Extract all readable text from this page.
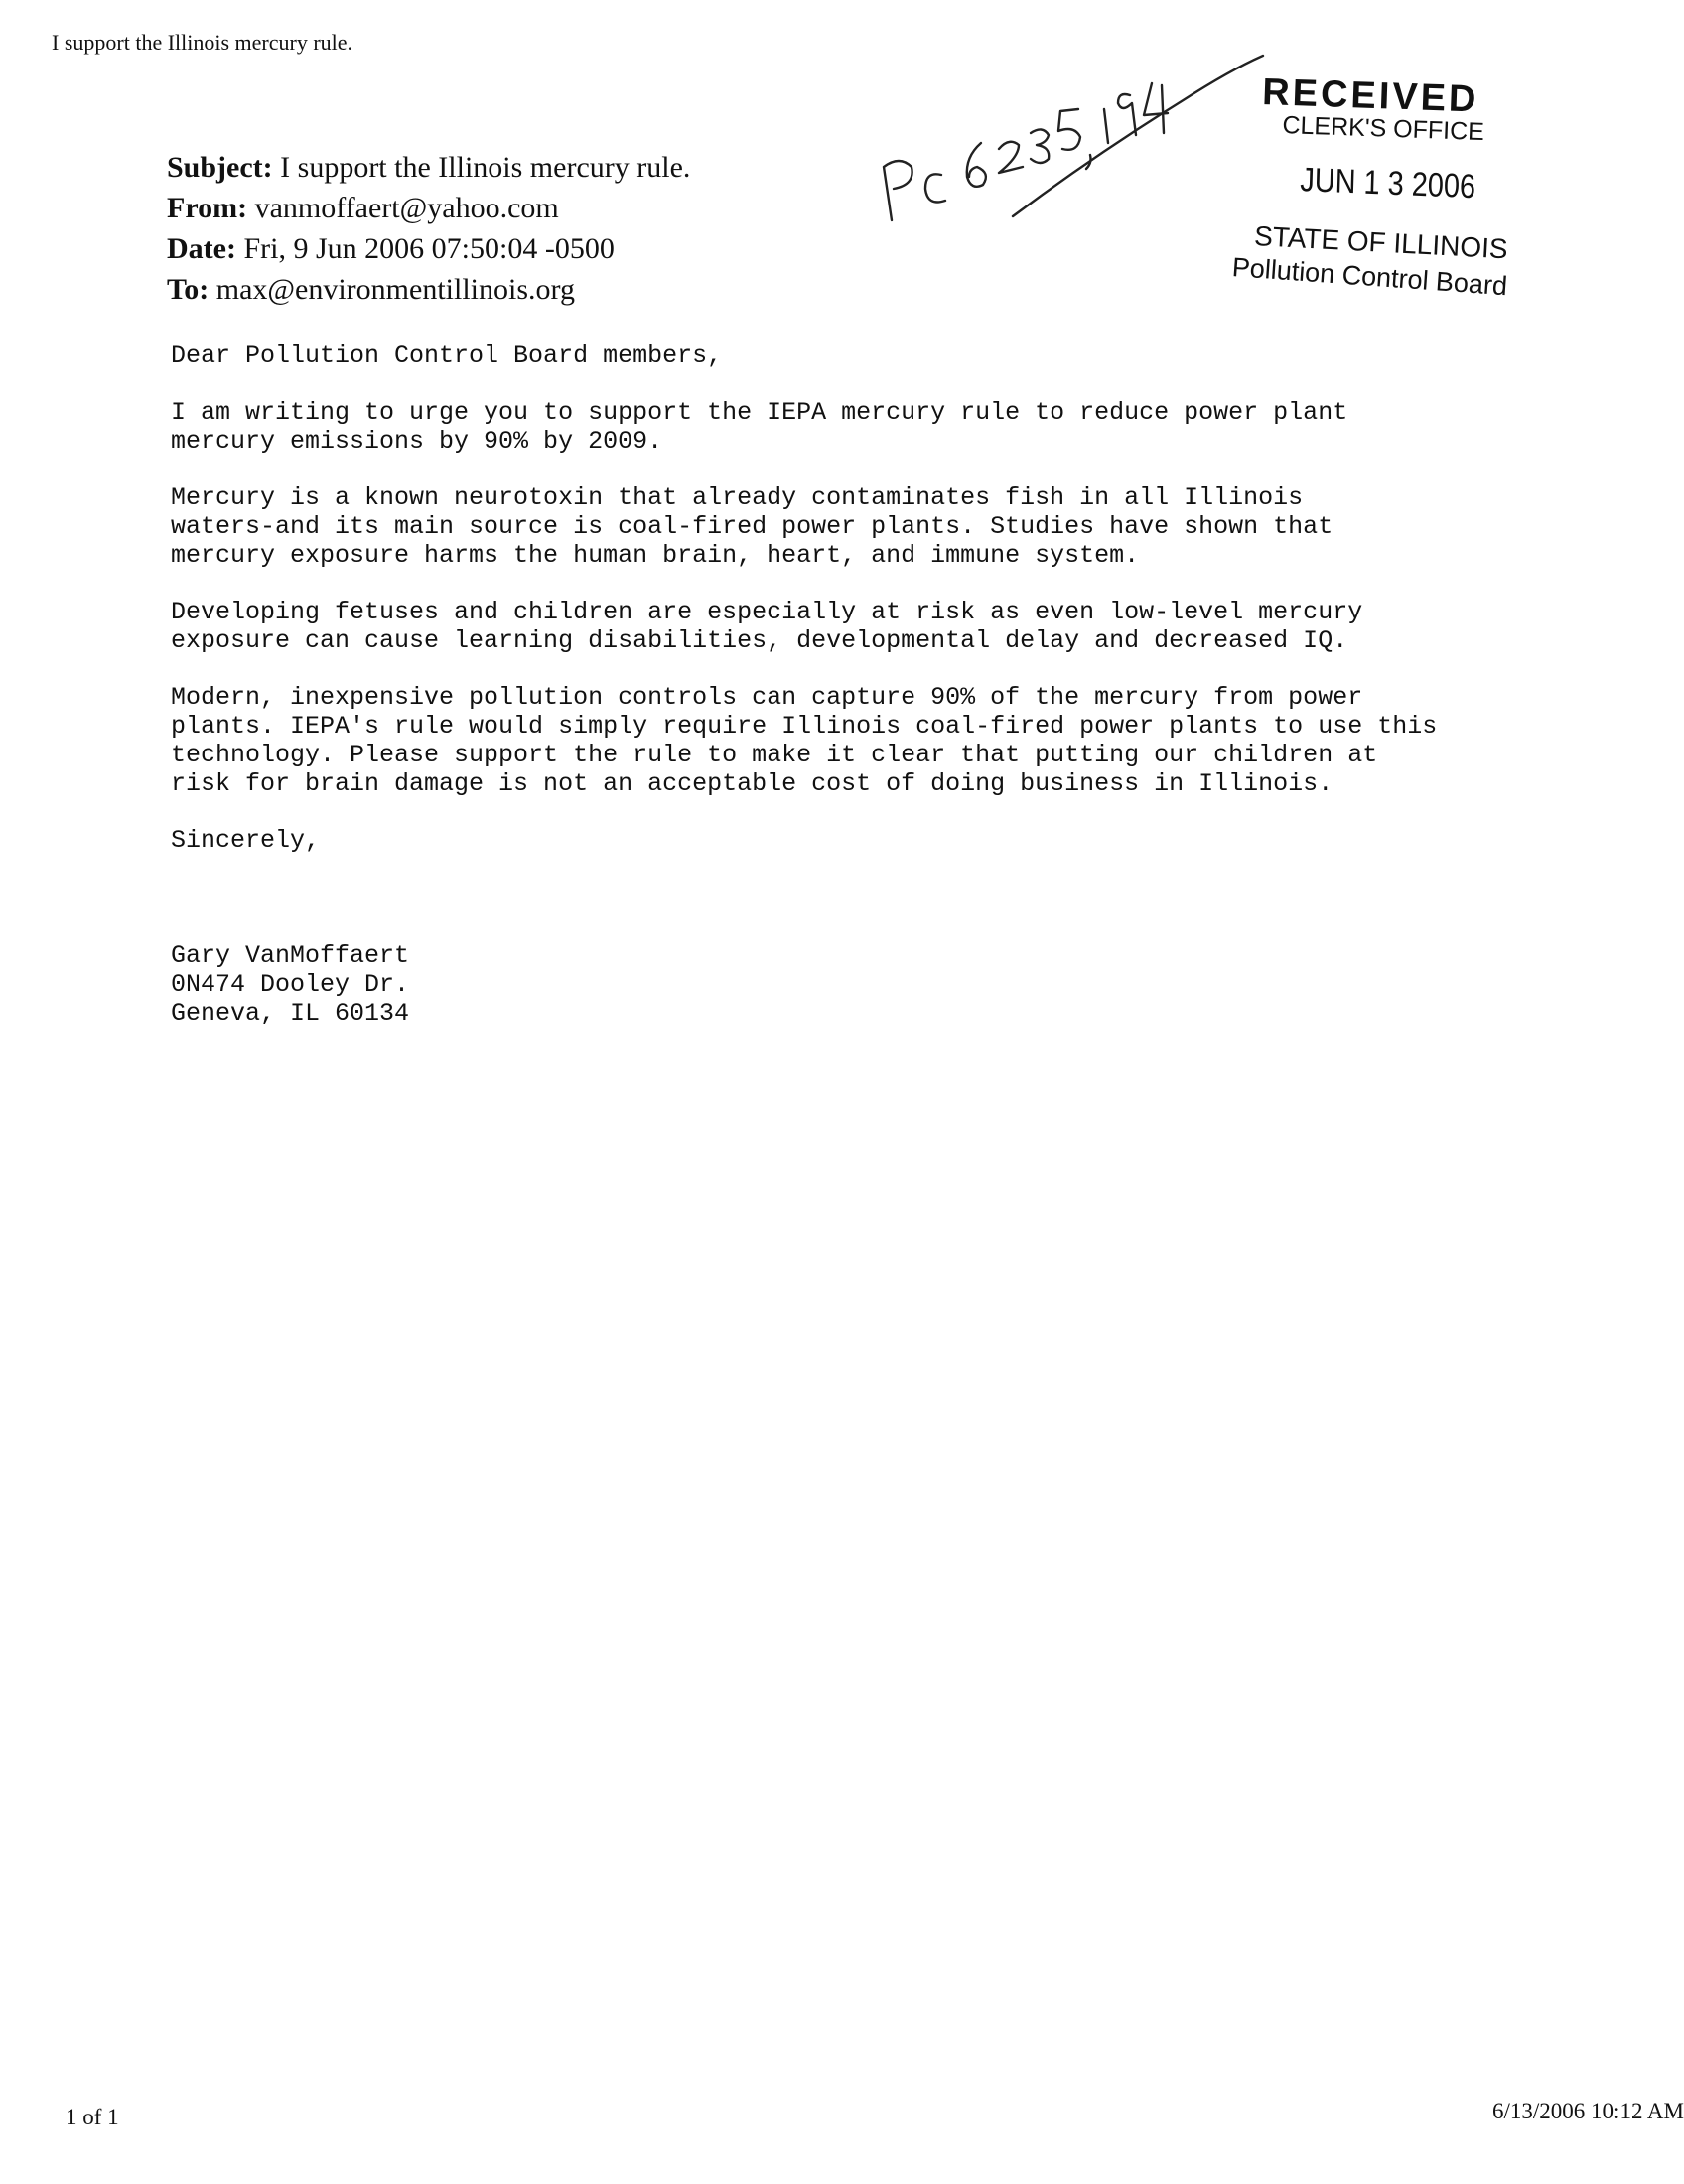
I support the Illinois mercury rule.
Subject: I support the Illinois mercury rule.
From: vanmoffaert@yahoo.com
Date: Fri, 9 Jun 2006 07:50:04 -0500
To: max@environmentillinois.org
RECEIVED
CLERK'S OFFICE
JUN 1 3 2006
STATE OF ILLINOIS
Pollution Control Board

Dear Pollution Control Board members,

I am writing to urge you to support the IEPA mercury rule to reduce power plant
mercury emissions by 90% by 2009.

Mercury is a known neurotoxin that already contaminates fish in all Illinois
waters-and its main source is coal-fired power plants. Studies have shown that
mercury exposure harms the human brain, heart, and immune system.

Developing fetuses and children are especially at risk as even low-level mercury
exposure can cause learning disabilities, developmental delay and decreased IQ.

Modern, inexpensive pollution controls can capture 90% of the mercury from power
plants. IEPA's rule would simply require Illinois coal-fired power plants to use this
technology. Please support the rule to make it clear that putting our children at
risk for brain damage is not an acceptable cost of doing business in Illinois.

Sincerely,

Gary VanMoffaert

0N474 Dooley Dr.

Geneva, IL 60134

1 of 1	6/13/2006 10:12 AM
